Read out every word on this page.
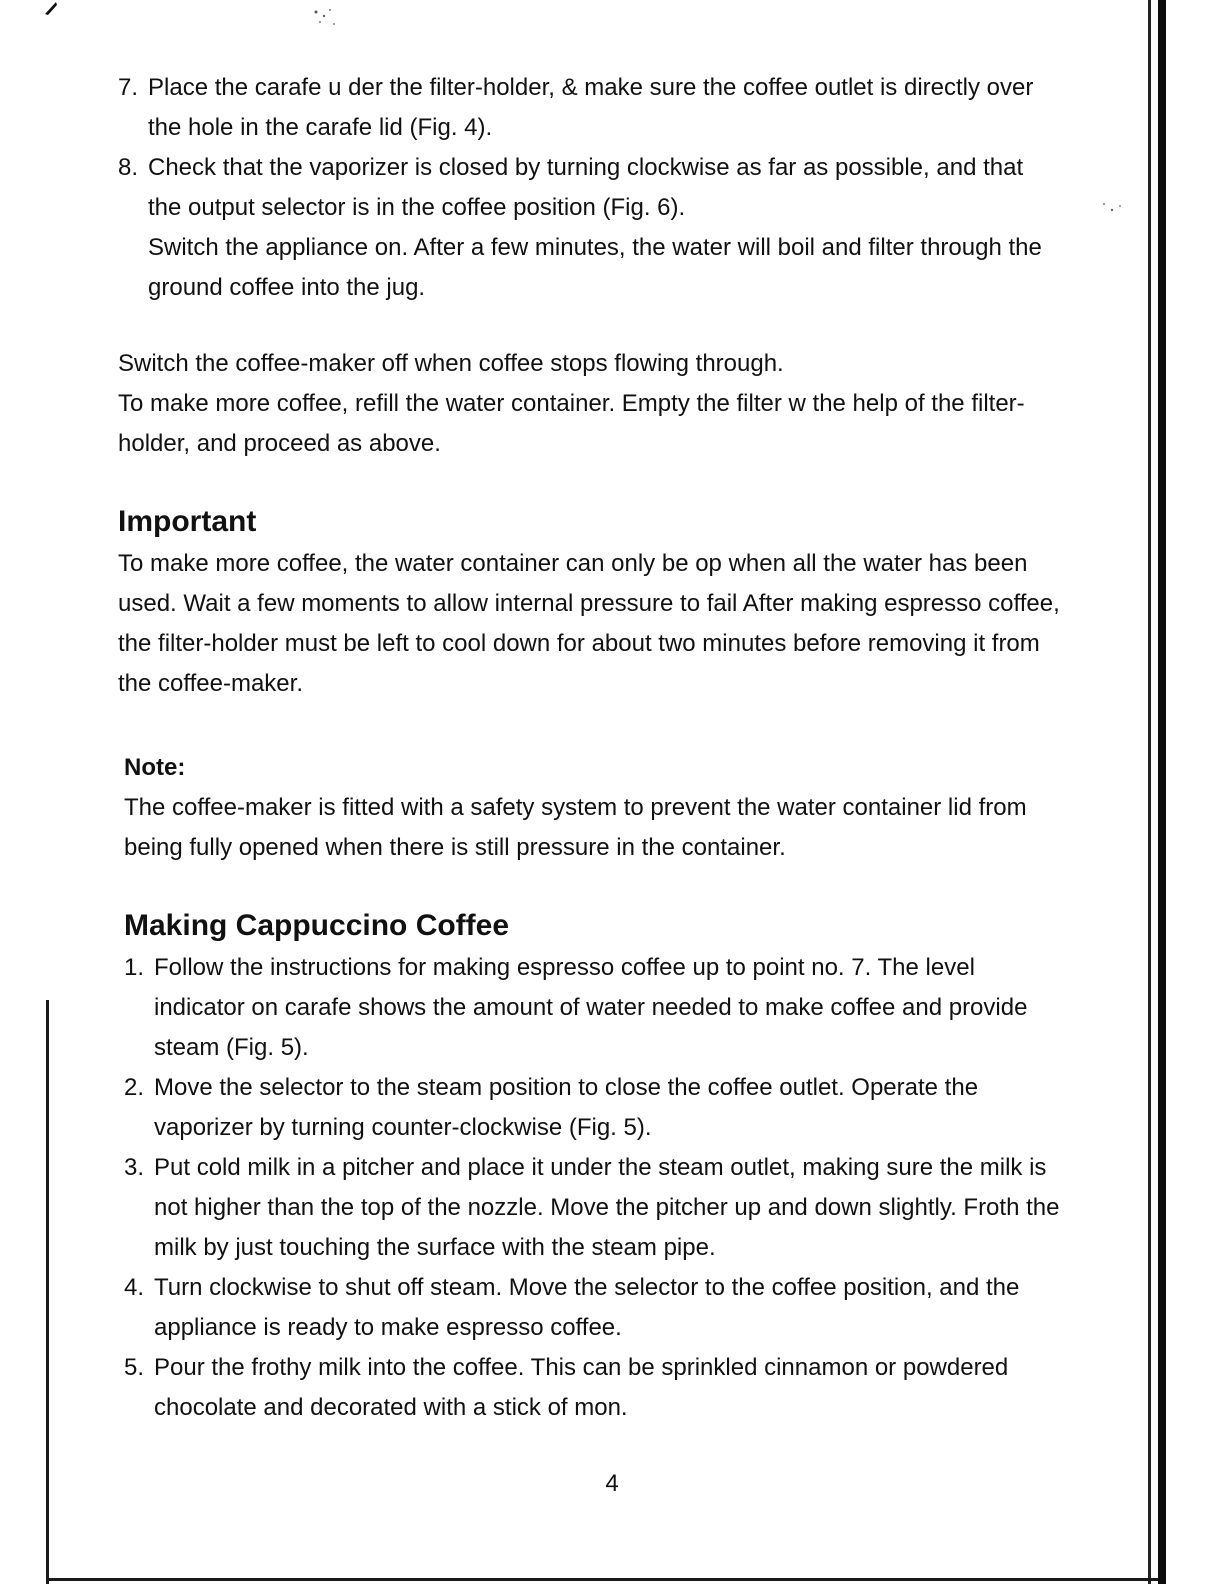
7. Place the carafe u der the filter-holder, & make sure the coffee outlet is directly over the hole in the carafe lid (Fig. 4).
8. Check that the vaporizer is closed by turning clockwise as far as possible, and that the output selector is in the coffee position (Fig. 6).
Switch the appliance on. After a few minutes, the water will boil and filter through the ground coffee into the jug.

Switch the coffee-maker off when coffee stops flowing through.

To make more coffee, refill the water container. Empty the filter w the help of the filter-holder, and proceed as above.

Important

To make more coffee, the water container can only be op when all the water has been used. Wait a few moments to allow internal pressure to fail After making espresso coffee, the filter-holder must be left to cool down for about two minutes before removing it from the coffee-maker.

Note:

The coffee-maker is fitted with a safety system to prevent the water container lid from being fully opened when there is still pressure in the container.

Making Cappuccino Coffee
1. Follow the instructions for making espresso coffee up to point no. 7. The level indicator on carafe shows the amount of water needed to make coffee and provide steam (Fig. 5).
2. Move the selector to the steam position to close the coffee outlet. Operate the vaporizer by turning counter-clockwise (Fig. 5).
3. Put cold milk in a pitcher and place it under the steam outlet, making sure the milk is not higher than the top of the nozzle. Move the pitcher up and down slightly. Froth the milk by just touching the surface with the steam pipe.
4. Turn clockwise to shut off steam. Move the selector to the coffee position, and the appliance is ready to make espresso coffee.
5. Pour the frothy milk into the coffee. This can be sprinkled cinnamon or powdered chocolate and decorated with a stick of mon.
4
